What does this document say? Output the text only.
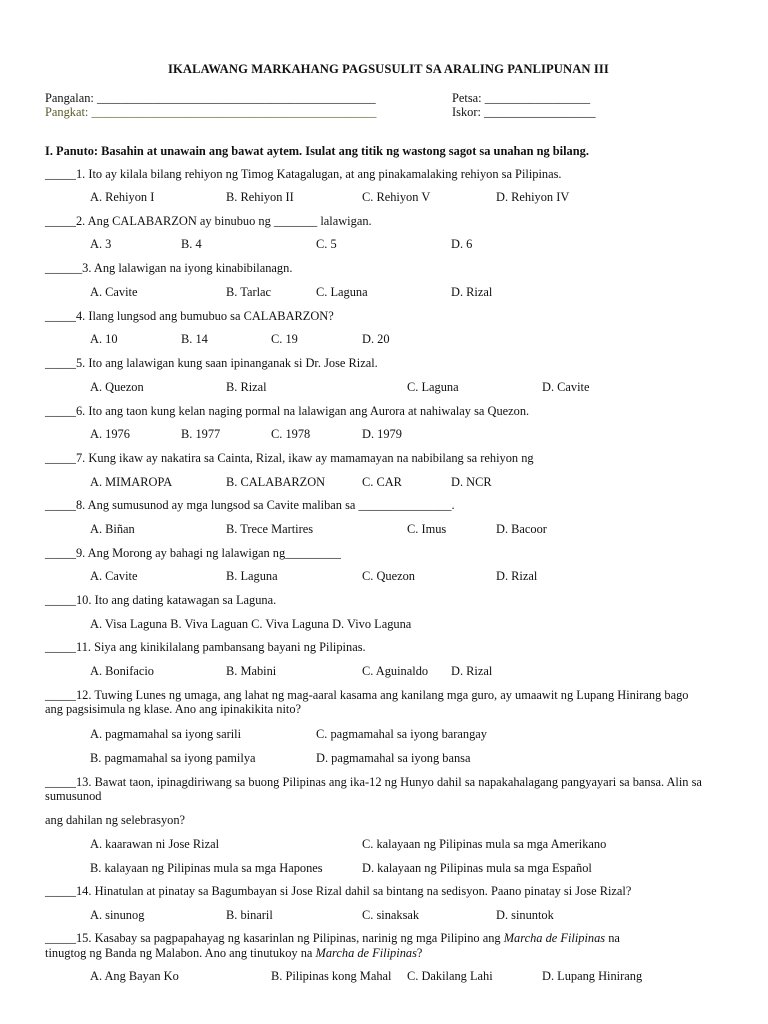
IKALAWANG MARKAHANG PAGSUSULIT SA ARALING PANLIPUNAN III
Pangalan: _____________________________________________
Pangkat: ______________________________________________
Petsa: _________________
Iskor: __________________
I. Panuto: Basahin at unawain ang bawat aytem. Isulat ang titik ng wastong sagot sa unahan ng bilang.
_____1. Ito ay kilala bilang rehiyon ng Timog Katagalugan, at ang pinakamalaking rehiyon sa Pilipinas.
A. Rehiyon I	B. Rehiyon II	C. Rehiyon V	D. Rehiyon IV
_____2. Ang CALABARZON ay binubuo ng _______ lalawigan.
A. 3	B. 4	C. 5	D. 6
______3. Ang lalawigan na iyong kinabibilanagn.
A. Cavite	B. Tarlac	C. Laguna	D. Rizal
_____4. Ilang lungsod ang bumubuo sa CALABARZON?
A. 10	B. 14	C. 19	D. 20
_____5. Ito ang lalawigan kung saan ipinanganak si Dr. Jose Rizal.
A. Quezon	B. Rizal	C. Laguna	D. Cavite
_____6. Ito ang taon kung kelan naging pormal na lalawigan ang Aurora at nahiwalay sa Quezon.
A. 1976	B. 1977	C. 1978	D. 1979
_____7. Kung ikaw ay nakatira sa Cainta, Rizal, ikaw ay mamamayan na nabibilang sa rehiyon ng
A. MIMAROPA	B. CALABARZON	C. CAR	D. NCR
_____8. Ang sumusunod ay mga lungsod sa Cavite maliban sa _______________.
A. Biñan	B. Trece Martires	C. Imus	D. Bacoor
_____9. Ang Morong ay bahagi ng lalawigan ng_________
A. Cavite	B. Laguna	C. Quezon	D. Rizal
_____10. Ito ang dating katawagan sa Laguna.
A. Visa Laguna B. Viva Laguan C. Viva Laguna D. Vivo Laguna
_____11. Siya ang kinikilalang pambansang bayani ng Pilipinas.
A. Bonifacio	B. Mabini	C. Aguinaldo D. Rizal
_____12. Tuwing Lunes ng umaga, ang lahat ng mag-aaral kasama ang kanilang mga guro, ay umaawit ng Lupang Hinirang bago ang pagsisimula ng klase. Ano ang ipinakikita nito?
A. pagmamahal sa iyong sarili	C. pagmamahal sa iyong barangay
B. pagmamahal sa iyong pamilya	D. pagmamahal sa iyong bansa
_____13. Bawat taon, ipinagdiriwang sa buong Pilipinas ang ika-12 ng Hunyo dahil sa napakahalagang pangyayari sa bansa. Alin sa sumusunod
ang dahilan ng selebrasyon?
A. kaarawan ni Jose Rizal	C. kalayaan ng Pilipinas mula sa mga Amerikano
B. kalayaan ng Pilipinas mula sa mga Hapones	D. kalayaan ng Pilipinas mula sa mga Español
_____14. Hinatulan at pinatay sa Bagumbayan si Jose Rizal dahil sa bintang na sedisyon. Paano pinatay si Jose Rizal?
A. sinunog	B. binaril	C. sinaksak	D. sinuntok
_____15. Kasabay sa pagpapahayag ng kasarinlan ng Pilipinas, narinig ng mga Pilipino ang Marcha de Filipinas na
tinugtog ng Banda ng Malabon. Ano ang tinutukoy na Marcha de Filipinas?
A. Ang Bayan Ko	B. Pilipinas kong Mahal C. Dakilang Lahi	D. Lupang Hinirang
